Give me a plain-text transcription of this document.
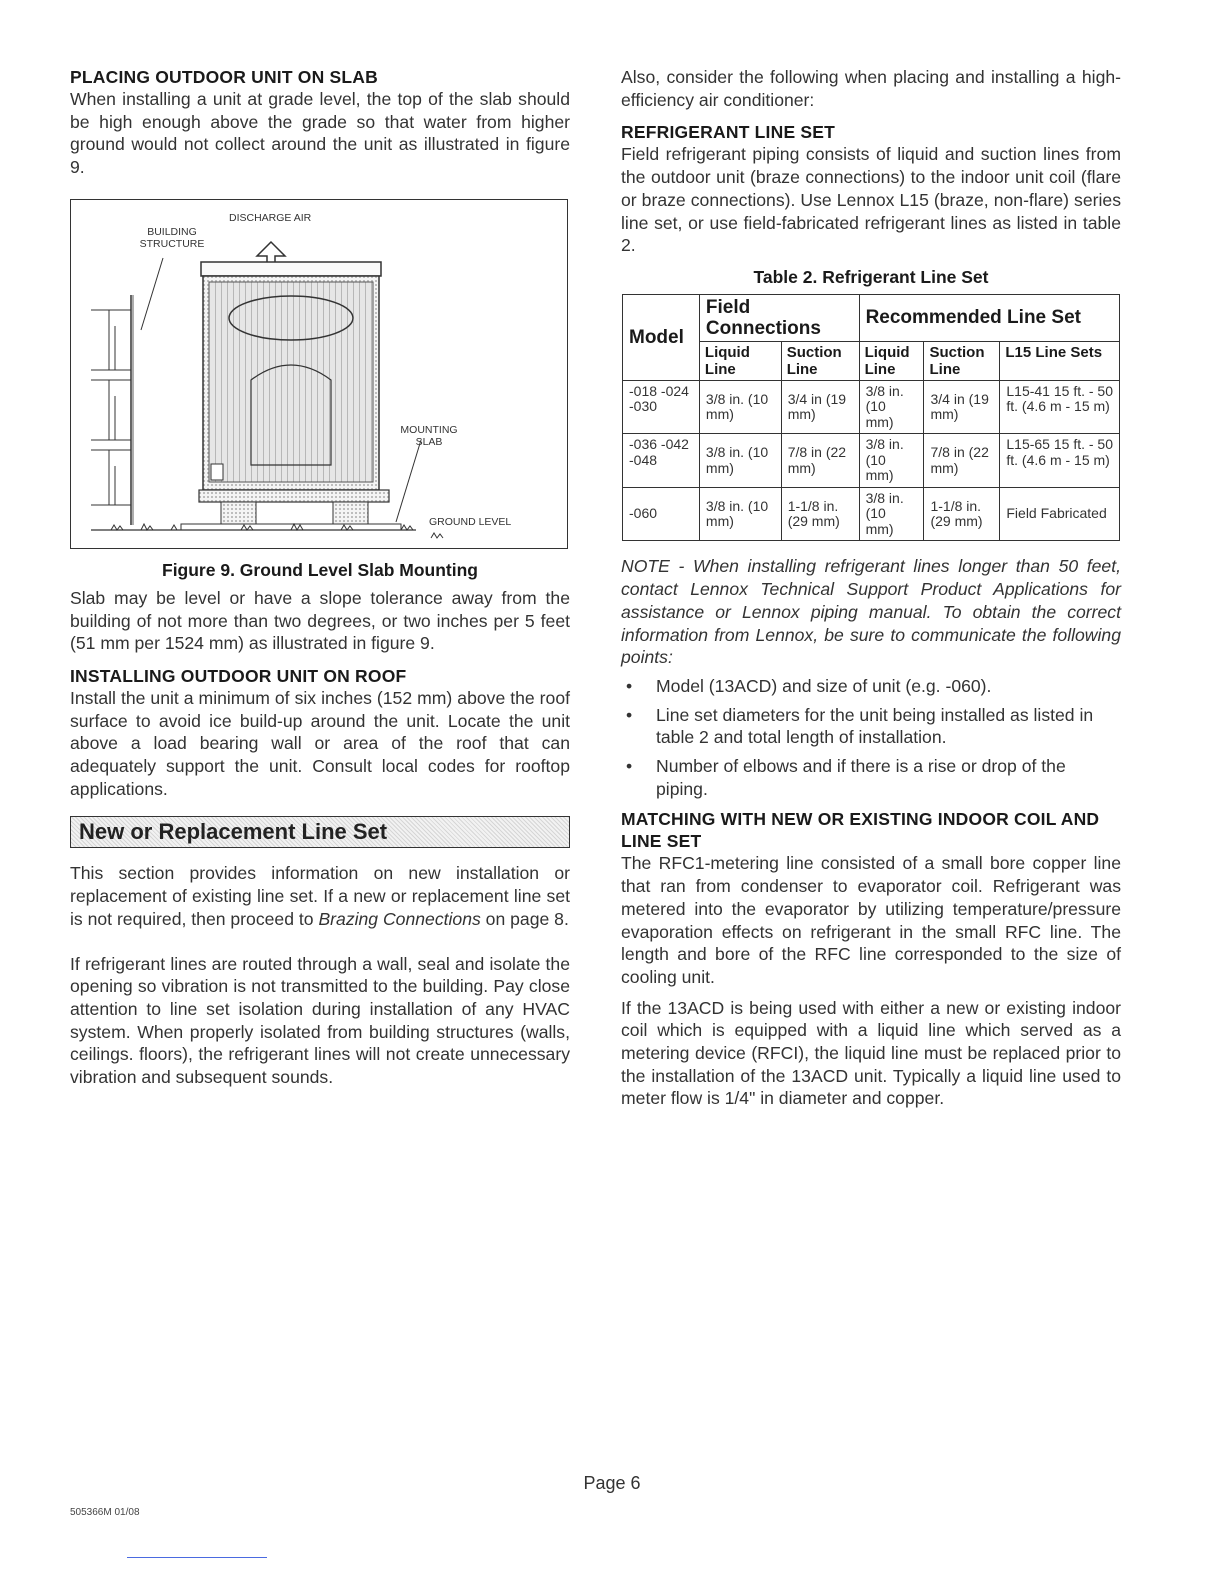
PLACING OUTDOOR UNIT ON SLAB

When installing a unit at grade level, the top of the slab should be high enough above the grade so that water from higher ground would not collect around the unit as illustrated in figure 9.

DISCHARGE AIR
BUILDING
STRUCTURE
MOUNTING
SLAB
GROUND LEVEL
Figure 9. Ground Level Slab Mounting

Slab may be level or have a slope tolerance away from the building of not more than two degrees, or two inches per 5 feet (51 mm per 1524 mm) as illustrated in figure 9.

INSTALLING OUTDOOR UNIT ON ROOF

Install the unit a minimum of six inches (152 mm) above the roof surface to avoid ice build-up around the unit. Locate the unit above a load bearing wall or area of the roof that can adequately support the unit. Consult local codes for rooftop applications.

New or Replacement Line Set

This section provides information on new installation or replacement of existing line set. If a new or replacement line set is not required, then proceed to Brazing Connections on page 8.

If refrigerant lines are routed through a wall, seal and isolate the opening so vibration is not transmitted to the building. Pay close attention to line set isolation during installation of any HVAC system. When properly isolated from building structures (walls, ceilings. floors), the refrigerant lines will not create unnecessary vibration and subsequent sounds.

Also, consider the following when placing and installing a high-efficiency air conditioner:

REFRIGERANT LINE SET

Field refrigerant piping consists of liquid and suction lines from the outdoor unit (braze connections) to the indoor unit coil (flare or braze connections). Use Lennox L15 (braze, non-flare) series line set, or use field-fabricated refrigerant lines as listed in table 2.

Table 2. Refrigerant Line Set
Model	Field Connections		Recommended Line Set		
	Liquid Line	Suction Line	Liquid Line	Suction Line	L15 Line Sets
-018 -024 -030	3/8 in. (10 mm)	3/4 in (19 mm)	3/8 in. (10 mm)	3/4 in (19 mm)	L15-41 15 ft. - 50 ft. (4.6 m - 15 m)
-036 -042 -048	3/8 in. (10 mm)	7/8 in (22 mm)	3/8 in. (10 mm)	7/8 in (22 mm)	L15-65 15 ft. - 50 ft. (4.6 m - 15 m)
-060	3/8 in. (10 mm)	1-1/8 in. (29 mm)	3/8 in. (10 mm)	1-1/8 in. (29 mm)	Field Fabricated

NOTE - When installing refrigerant lines longer than 50 feet, contact Lennox Technical Support Product Applications for assistance or Lennox piping manual. To obtain the correct information from Lennox, be sure to communicate the following points:

• Model (13ACD) and size of unit (e.g. -060).
• Line set diameters for the unit being installed as listed in table 2 and total length of installation.
• Number of elbows and if there is a rise or drop of the piping.
MATCHING WITH NEW OR EXISTING INDOOR COIL AND LINE SET

The RFC1-metering line consisted of a small bore copper line that ran from condenser to evaporator coil. Refrigerant was metered into the evaporator by utilizing temperature/pressure evaporation effects on refrigerant in the small RFC line. The length and bore of the RFC line corresponded to the size of cooling unit.

If the 13ACD is being used with either a new or existing indoor coil which is equipped with a liquid line which served as a metering device (RFCI), the liquid line must be replaced prior to the installation of the 13ACD unit. Typically a liquid line used to meter flow is 1/4" in diameter and copper.

Page 6
505366M 01/08
